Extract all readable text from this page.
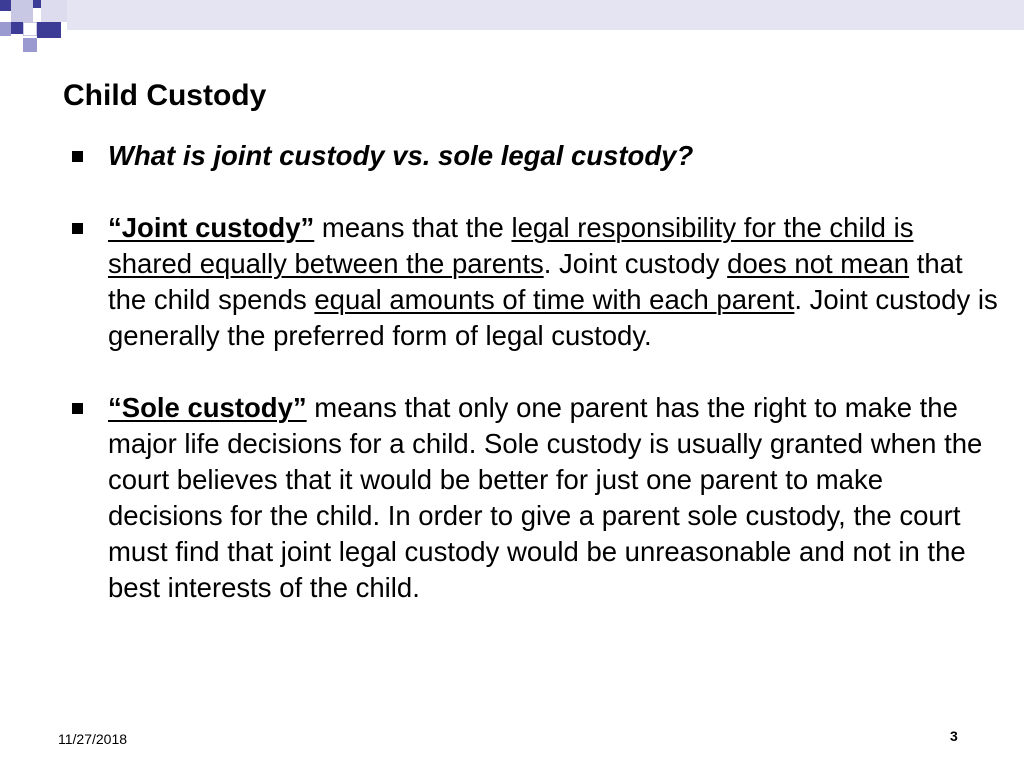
Child Custody
What is joint custody vs. sole legal custody?
“Joint custody” means that the legal responsibility for the child is shared equally between the parents. Joint custody does not mean that the child spends equal amounts of time with each parent. Joint custody is generally the preferred form of legal custody.
“Sole custody” means that only one parent has the right to make the major life decisions for a child. Sole custody is usually granted when the court believes that it would be better for just one parent to make decisions for the child. In order to give a parent sole custody, the court must find that joint legal custody would be unreasonable and not in the best interests of the child.
11/27/2018	3
